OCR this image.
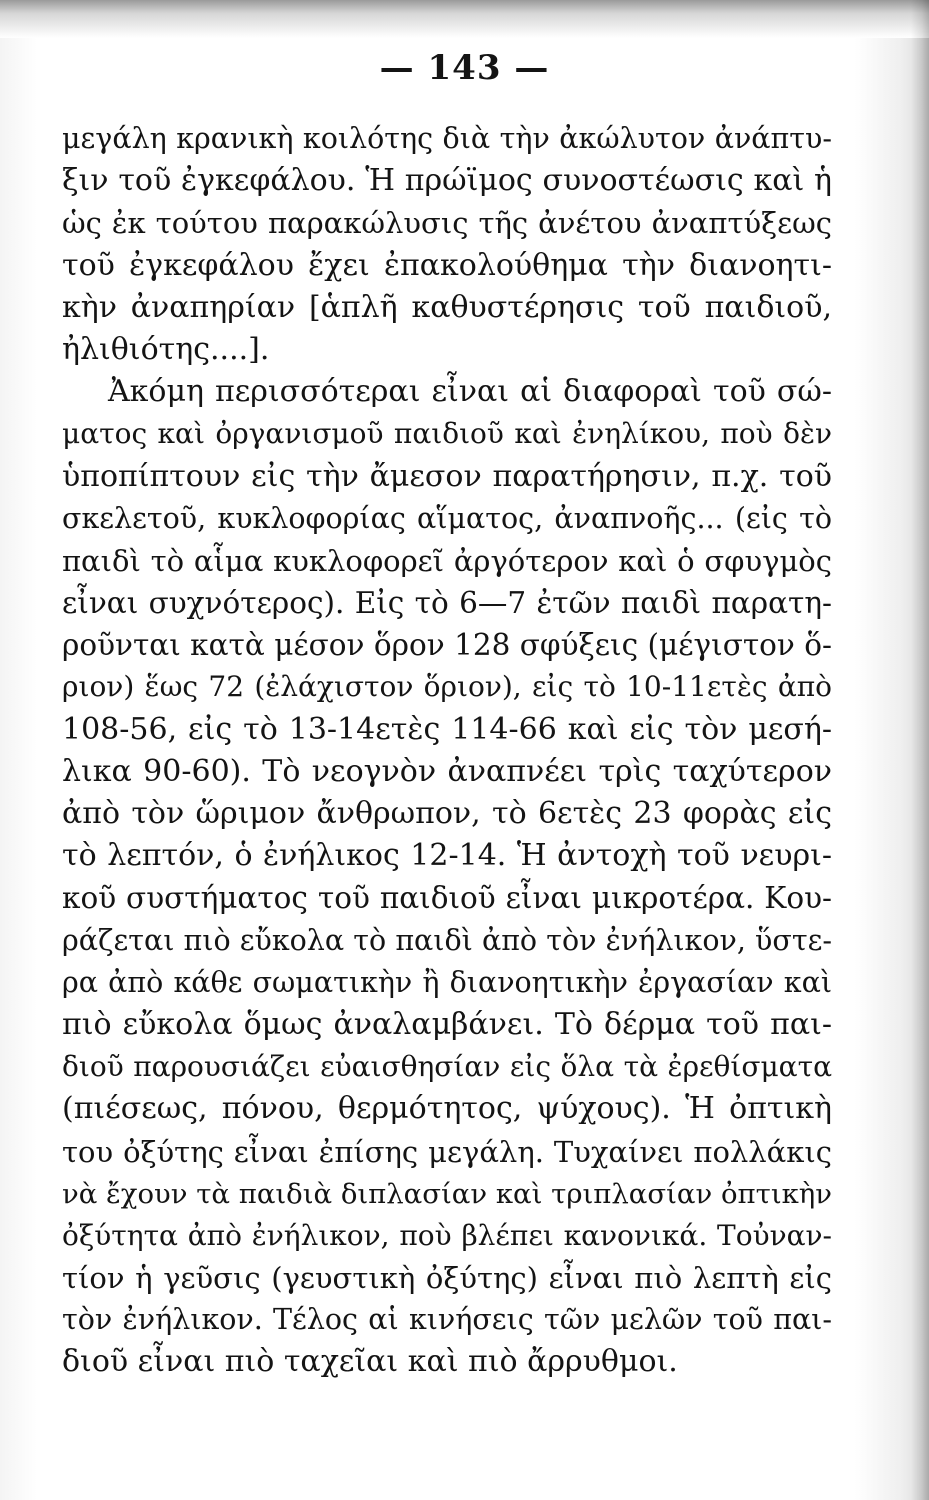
— 143 —
μεγάλη κρανικὴ κοιλότης διὰ τὴν ἀκώλυτον ἀνάπτυ-
ξιν τοῦ ἐγκεφάλου. Ἡ πρώϊμος συνοστέωσις καὶ ἡ
ὡς ἐκ τούτου παρακώλυσις τῆς ἀνέτου ἀναπτύξεως
τοῦ ἐγκεφάλου ἔχει ἐπακολούθημα τὴν διανοητι-
κὴν ἀναπηρίαν [ἁπλῆ καθυστέρησις τοῦ παιδιοῦ,
ἠλιθιότης....].
Ἀκόμη περισσότεραι εἶναι αἱ διαφοραὶ τοῦ σώ-
ματος καὶ ὀργανισμοῦ παιδιοῦ καὶ ἐνηλίκου, ποὺ δὲν
ὑποπίπτουν εἰς τὴν ἄμεσον παρατήρησιν, π.χ. τοῦ
σκελετοῦ, κυκλοφορίας αἵματος, ἀναπνοῆς... (εἰς τὸ
παιδὶ τὸ αἷμα κυκλοφορεῖ ἀργότερον καὶ ὁ σφυγμὸς
εἶναι συχνότερος). Εἰς τὸ 6—7 ἐτῶν παιδὶ παρατη-
ροῦνται κατὰ μέσον ὅρον 128 σφύξεις (μέγιστον ὅ-
ριον) ἕως 72 (ἐλάχιστον ὅριον), εἰς τὸ 10-11ετὲς ἀπὸ
108-56, εἰς τὸ 13-14ετὲς 114-66 καὶ εἰς τὸν μεσή-
λικα 90-60). Τὸ νεογνὸν ἀναπνέει τρὶς ταχύτερον
ἀπὸ τὸν ὥριμον ἄνθρωπον, τὸ 6ετὲς 23 φορὰς εἰς
τὸ λεπτόν, ὁ ἐνήλικος 12-14. Ἡ ἀντοχὴ τοῦ νευρι-
κοῦ συστήματος τοῦ παιδιοῦ εἶναι μικροτέρα. Κου-
ράζεται πιὸ εὔκολα τὸ παιδὶ ἀπὸ τὸν ἐνήλικον, ὕστε-
ρα ἀπὸ κάθε σωματικὴν ἢ διανοητικὴν ἐργασίαν καὶ
πιὸ εὔκολα ὅμως ἀναλαμβάνει. Τὸ δέρμα τοῦ παι-
διοῦ παρουσιάζει εὐαισθησίαν εἰς ὅλα τὰ ἐρεθίσματα
(πιέσεως, πόνου, θερμότητος, ψύχους). Ἡ ὀπτικὴ
του ὀξύτης εἶναι ἐπίσης μεγάλη. Τυχαίνει πολλάκις
νὰ ἔχουν τὰ παιδιὰ διπλασίαν καὶ τριπλασίαν ὀπτικὴν
ὀξύτητα ἀπὸ ἐνήλικον, ποὺ βλέπει κανονικά. Τοὐναν-
τίον ἡ γεῦσις (γευστικὴ ὀξύτης) εἶναι πιὸ λεπτὴ εἰς
τὸν ἐνήλικον. Τέλος αἱ κινήσεις τῶν μελῶν τοῦ παι-
διοῦ εἶναι πιὸ ταχεῖαι καὶ πιὸ ἄρρυθμοι.
